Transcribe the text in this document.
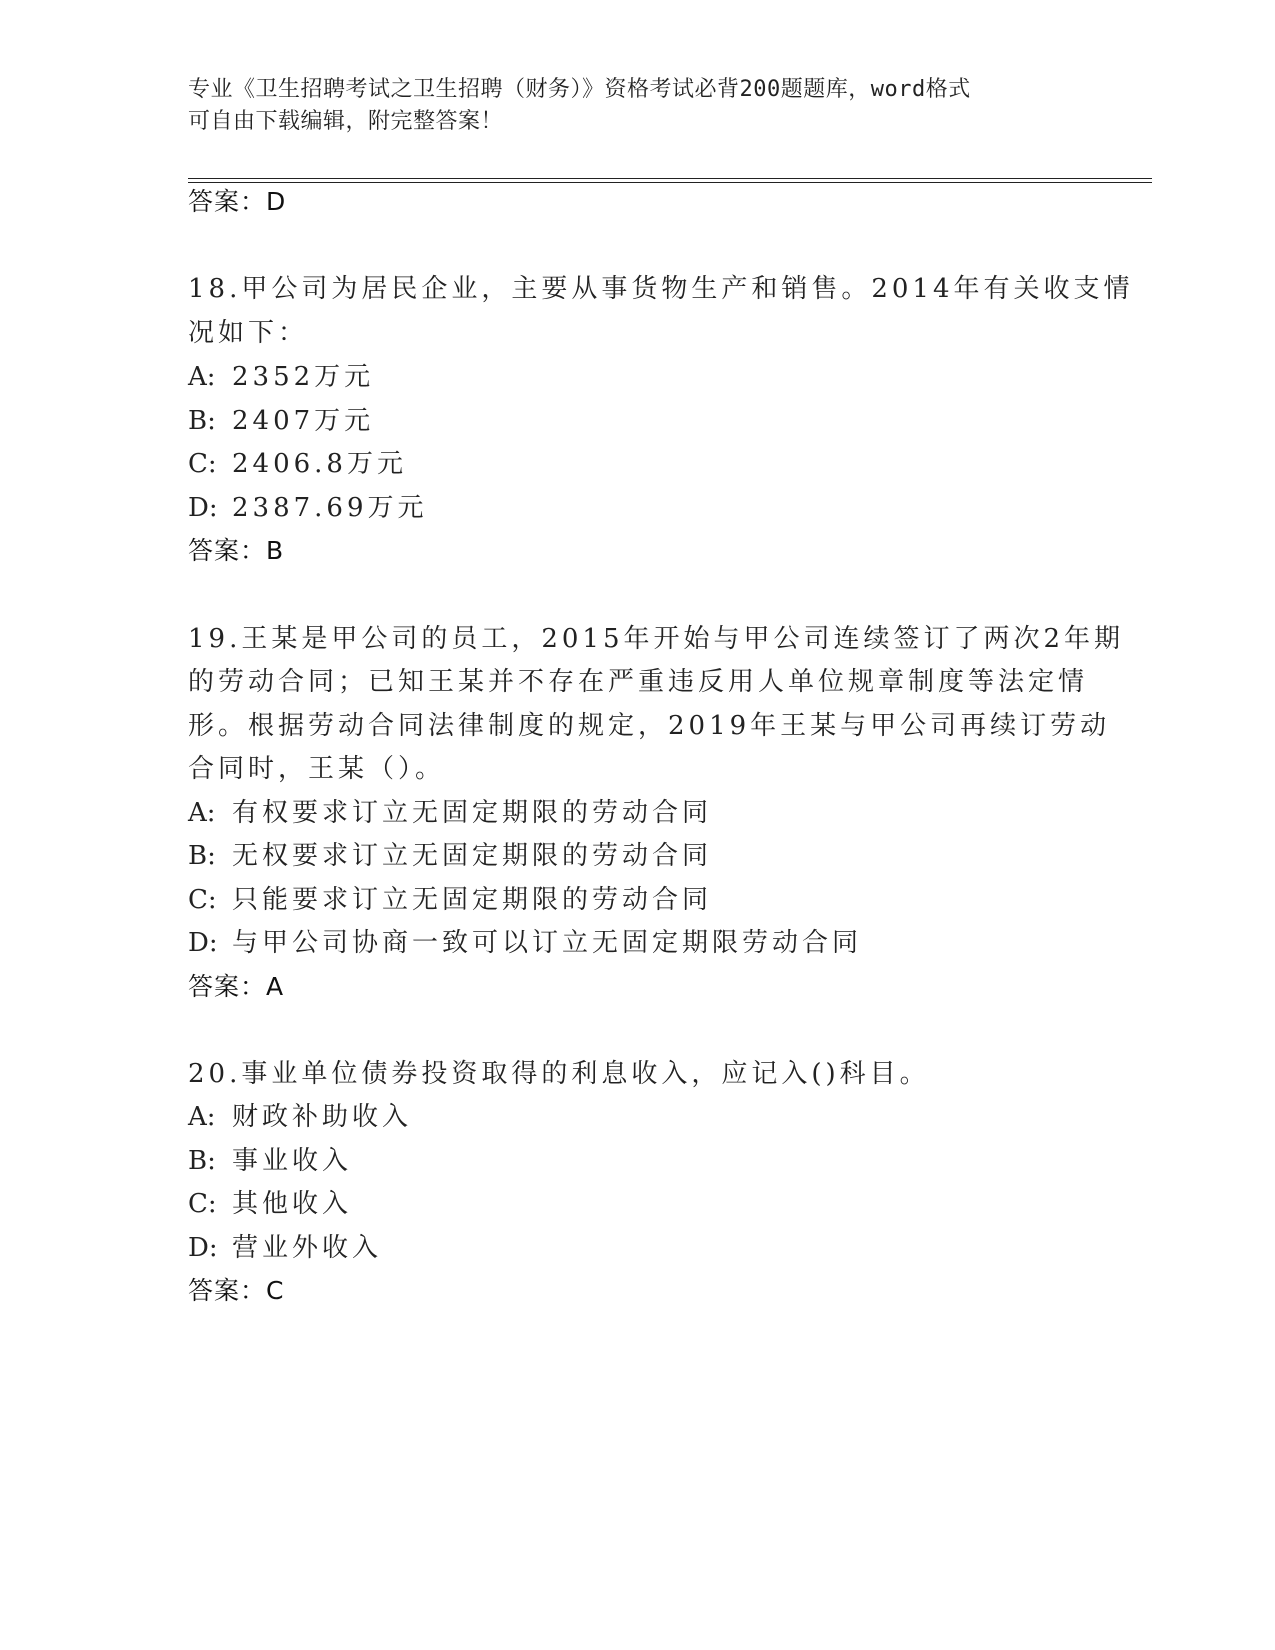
专业《卫生招聘考试之卫生招聘（财务）》资格考试必背200题题库，word格式
可自由下载编辑，附完整答案！
答案：D
18.甲公司为居民企业，主要从事货物生产和销售。2014年有关收支情
况如下：
A: 2352万元
B: 2407万元
C: 2406.8万元
D: 2387.69万元
答案：B
19.王某是甲公司的员工，2015年开始与甲公司连续签订了两次2年期
的劳动合同；已知王某并不存在严重违反用人单位规章制度等法定情
形。根据劳动合同法律制度的规定，2019年王某与甲公司再续订劳动
合同时，王某（）。
A: 有权要求订立无固定期限的劳动合同
B: 无权要求订立无固定期限的劳动合同
C: 只能要求订立无固定期限的劳动合同
D: 与甲公司协商一致可以订立无固定期限劳动合同
答案：A
20.事业单位债券投资取得的利息收入，应记入()科目。
A: 财政补助收入
B: 事业收入
C: 其他收入
D: 营业外收入
答案：C
